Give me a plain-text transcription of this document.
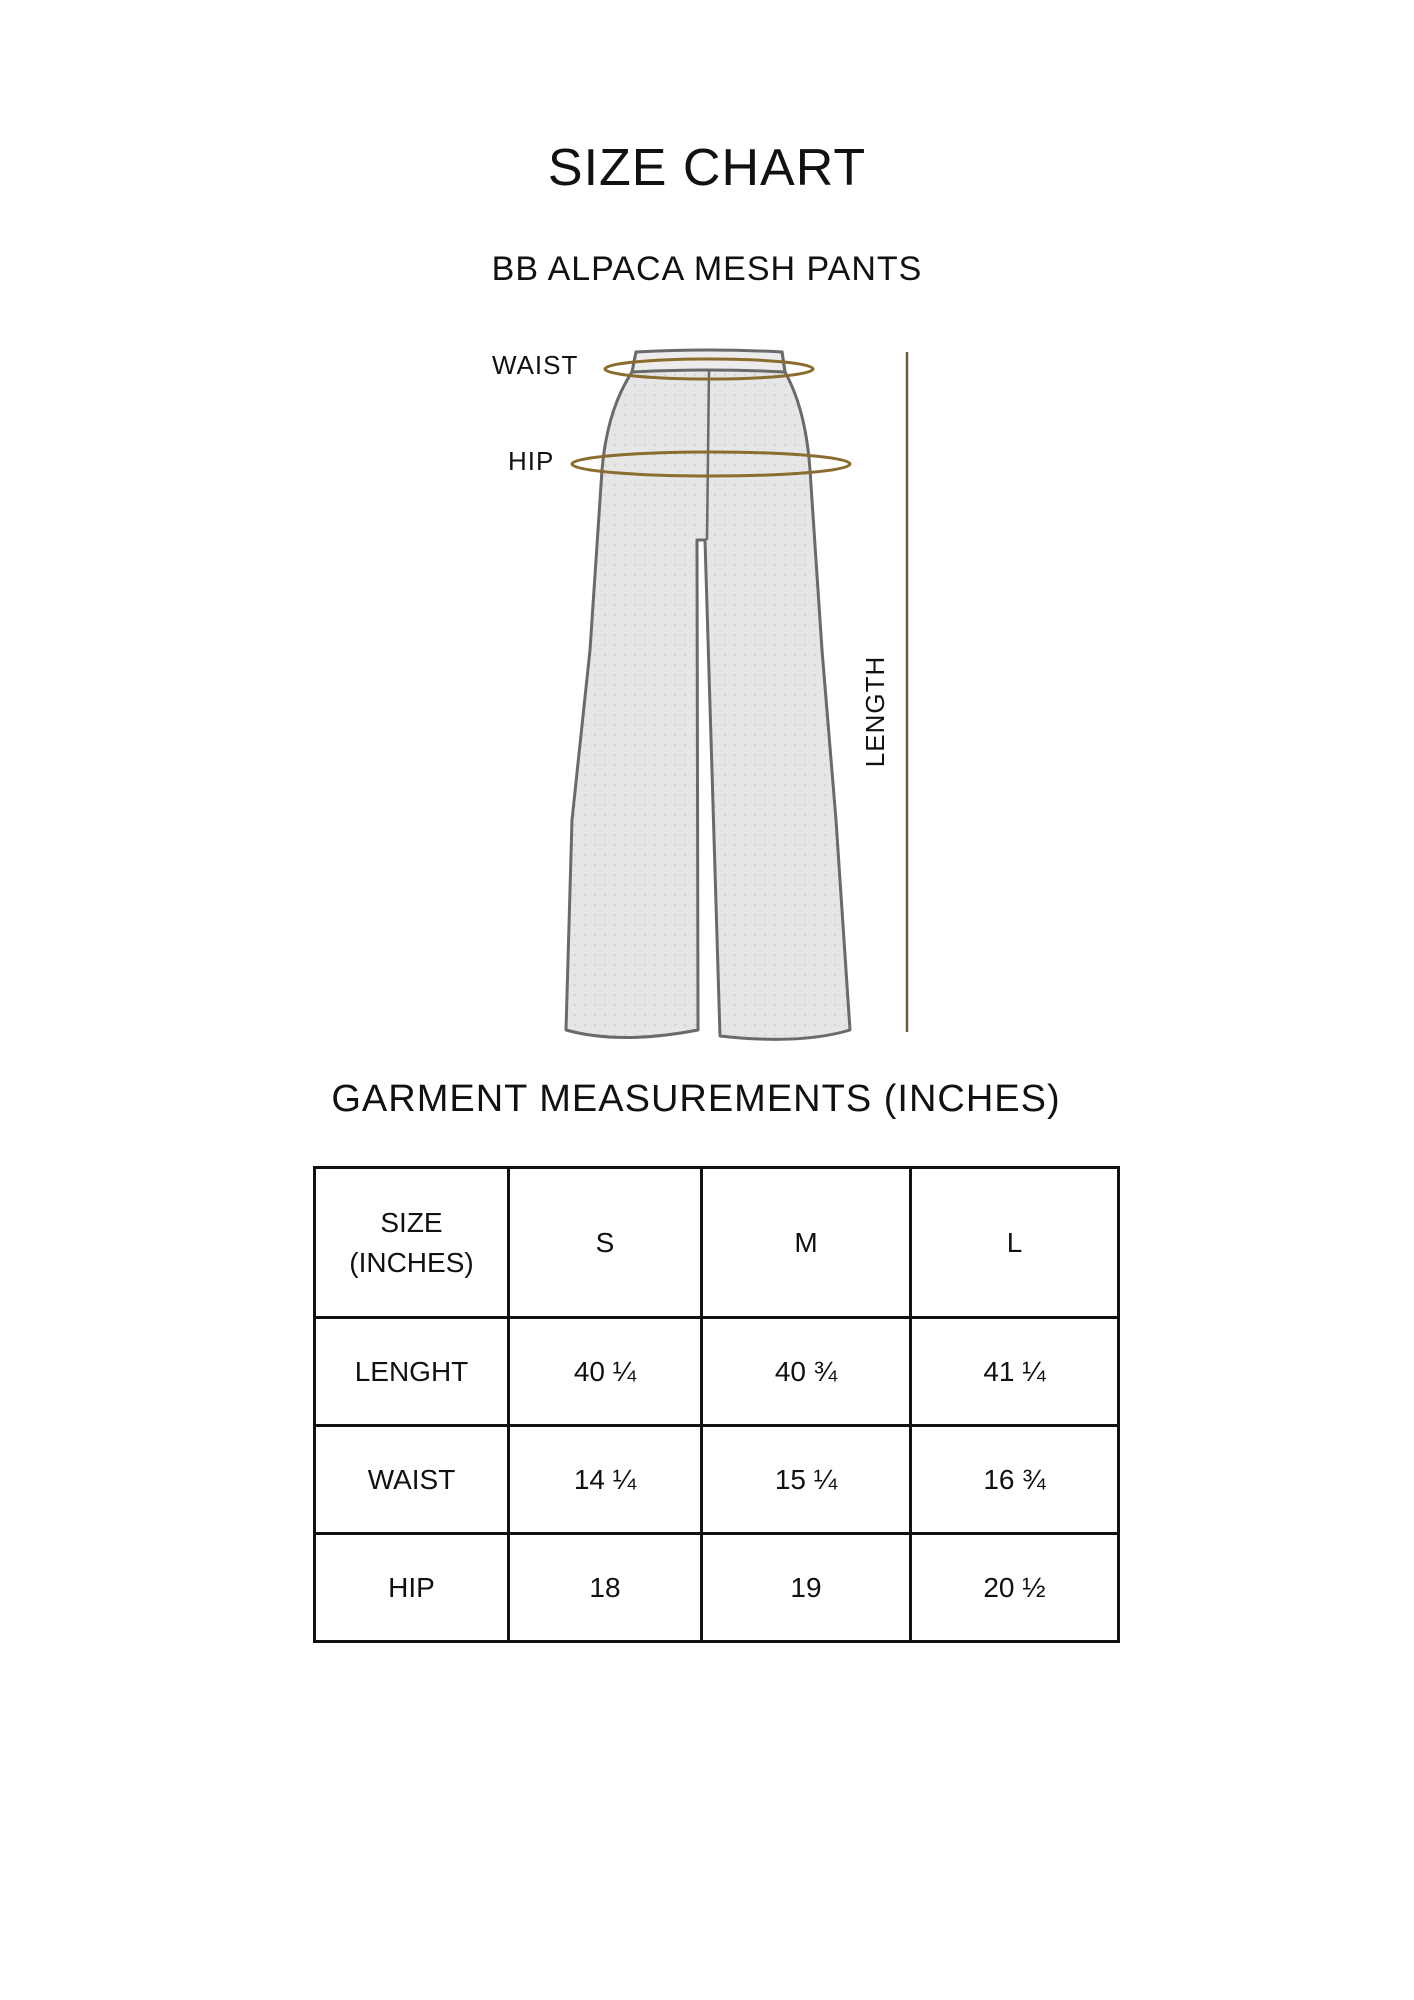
SIZE CHART
BB ALPACA MESH PANTS
WAIST
HIP
LENGTH
GARMENT MEASUREMENTS (INCHES)
SIZE
(INCHES)	S	M	L
LENGHT	40 ¼	40 ¾	41 ¼
WAIST	14 ¼	15 ¼	16 ¾
HIP	18	19	20 ½
